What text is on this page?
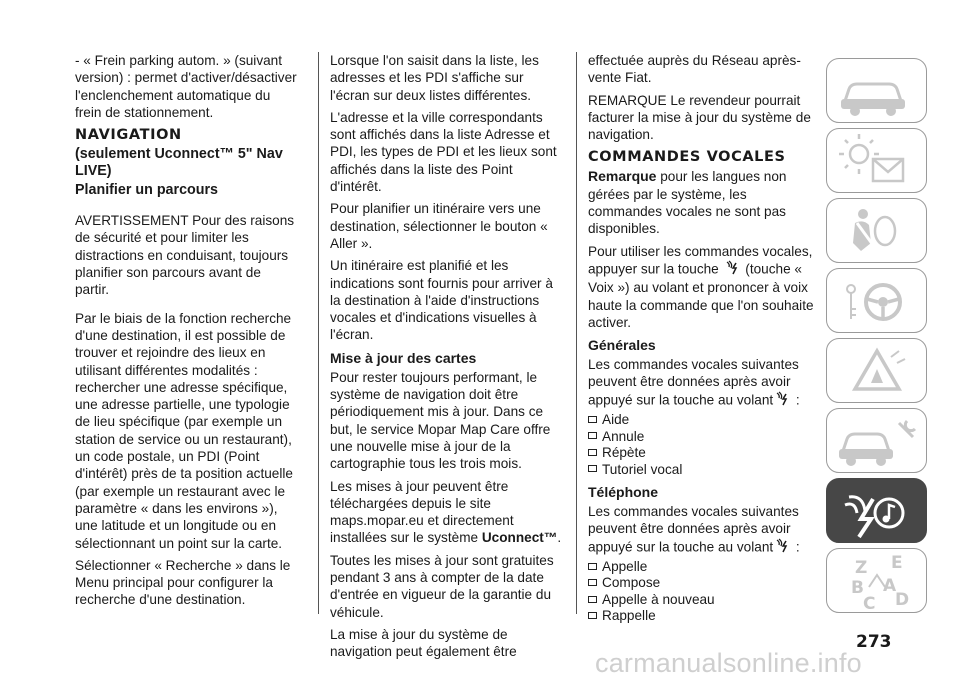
- « Frein parking autom. » (suivant version) : permet d'activer/désactiver l'enclenchement automatique du frein de stationnement.

NAVIGATION
(seulement Uconnect™ 5" Nav LIVE)
Planifier un parcours

AVERTISSEMENT Pour des raisons de sécurité et pour limiter les distractions en conduisant, toujours planifier son parcours avant de partir.

Par le biais de la fonction recherche d'une destination, il est possible de trouver et rejoindre des lieux en utilisant différentes modalités : rechercher une adresse spécifique, une adresse partielle, une typologie de lieu spécifique (par exemple un station de service ou un restaurant), un code postale, un PDI (Point d'intérêt) près de ta position actuelle (par exemple un restaurant avec le paramètre « dans les environs »), une latitude et un longitude ou en sélectionnant un point sur la carte.

Sélectionner « Recherche » dans le Menu principal pour configurer la recherche d'une destination.

Lorsque l'on saisit dans la liste, les adresses et les PDI s'affiche sur l'écran sur deux listes différentes.

L'adresse et la ville correspondants sont affichés dans la liste Adresse et PDI, les types de PDI et les lieux sont affichés dans la liste des Point d'intérêt.

Pour planifier un itinéraire vers une destination, sélectionner le bouton « Aller ».

Un itinéraire est planifié et les indications sont fournis pour arriver à la destination à l'aide d'instructions vocales et d'indications visuelles à l'écran.

Mise à jour des cartes

Pour rester toujours performant, le système de navigation doit être périodiquement mis à jour. Dans ce but, le service Mopar Map Care offre une nouvelle mise à jour de la cartographie tous les trois mois.

Les mises à jour peuvent être téléchargées depuis le site maps.mopar.eu et directement installées sur le système Uconnect™.

Toutes les mises à jour sont gratuites pendant 3 ans à compter de la date d'entrée en vigueur de la garantie du véhicule.

La mise à jour du système de navigation peut également être

effectuée auprès du Réseau après-vente Fiat.

REMARQUE Le revendeur pourrait facturer la mise à jour du système de navigation.

COMMANDES VOCALES

Remarque pour les langues non gérées par le système, les commandes vocales ne sont pas disponibles.

Pour utiliser les commandes vocales, appuyer sur la touche  (touche « Voix ») au volant et prononcer à voix haute la commande que l'on souhaite activer.

Générales

Les commandes vocales suivantes peuvent être données après avoir appuyé sur la touche au volant :

Aide
Annule
Répète
Tutoriel vocal
Téléphone

Les commandes vocales suivantes peuvent être données après avoir appuyé sur la touche au volant :

Appelle
Compose
Appelle à nouveau
Rappelle
Z E
B A
C D
273
carmanualsonline.info
